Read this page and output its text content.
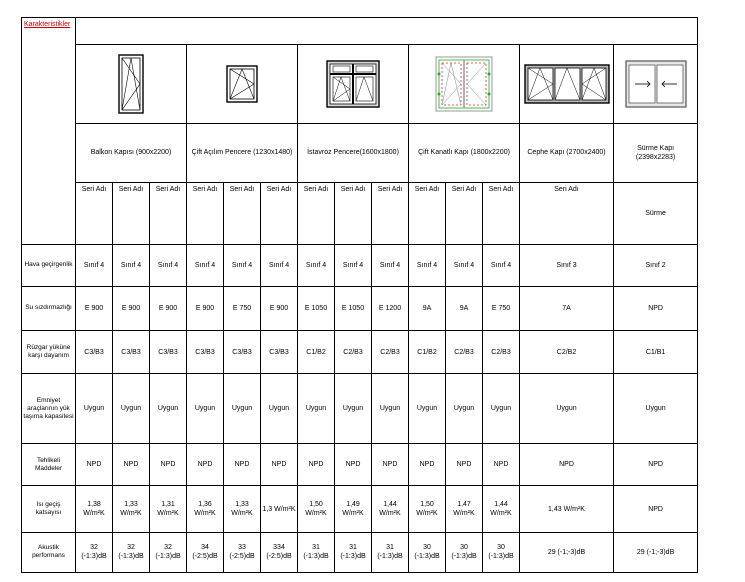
Karakteristikler														

	Balkon Kapısı (900x2200)			Çift Açılım Pencere (1230x1480)			İstavroz Pencere(1600x1800)			Çift Kanatlı Kapı (1800x2200)			Cephe Kapı (2700x2400)	Sürme Kapı (2398x2283)
	Seri Adı	Seri Adı	Seri Adı	Seri Adı	Seri Adı	Seri Adı	Seri Adı	Seri Adı	Seri Adı	Seri Adı	Seri Adı	Seri Adı	Seri Adı	Sürme
Hava geçirgenlik	Sınıf 4	Sınıf 4	Sınıf 4	Sınıf 4	Sınıf 4	Sınıf 4	Sınıf 4	Sınıf 4	Sınıf 4	Sınıf 4	Sınıf 4	Sınıf 4	Sınıf 3	Sınıf 2
Su sızdırmazlığı	E 900	E 900	E 900	E 900	E 750	E 900	E 1050	E 1050	E 1200	9A	9A	E 750	7A	NPD
Rüzgar yüküne karşı dayanım	C3/B3	C3/B3	C3/B3	C3/B3	C3/B3	C3/B3	C1/B2	C2/B3	C2/B3	C1/B2	C2/B3	C2/B3	C2/B2	C1/B1
Emniyet araçlarının yük taşıma kapasitesi	Uygun	Uygun	Uygun	Uygun	Uygun	Uygun	Uygun	Uygun	Uygun	Uygun	Uygun	Uygun	Uygun	Uygun
Tehlikeli Maddeler	NPD	NPD	NPD	NPD	NPD	NPD	NPD	NPD	NPD	NPD	NPD	NPD	NPD	NPD
Isı geçiş katsayısı	1,38 W/m²K	1,33 W/m²K	1,31 W/m²K	1,36 W/m²K	1,33 W/m²K	1,3 W/m²K	1,50 W/m²K	1,49 W/m²K	1,44 W/m²K	1,50 W/m²K	1,47 W/m²K	1,44 W/m²K	1,43 W/m²K	NPD
Akustik performans	32 (-1:3)dB	32 (-1:3)dB	32 (-1:3)dB	34 (-2:5)dB	33 (-2:5)dB	334 (-2:5)dB	31 (-1:3)dB	31 (-1:3)dB	31 (-1:3)dB	30 (-1:3)dB	30 (-1:3)dB	30 (-1:3)dB	29 (-1;-3)dB	29 (-1;-3)dB
